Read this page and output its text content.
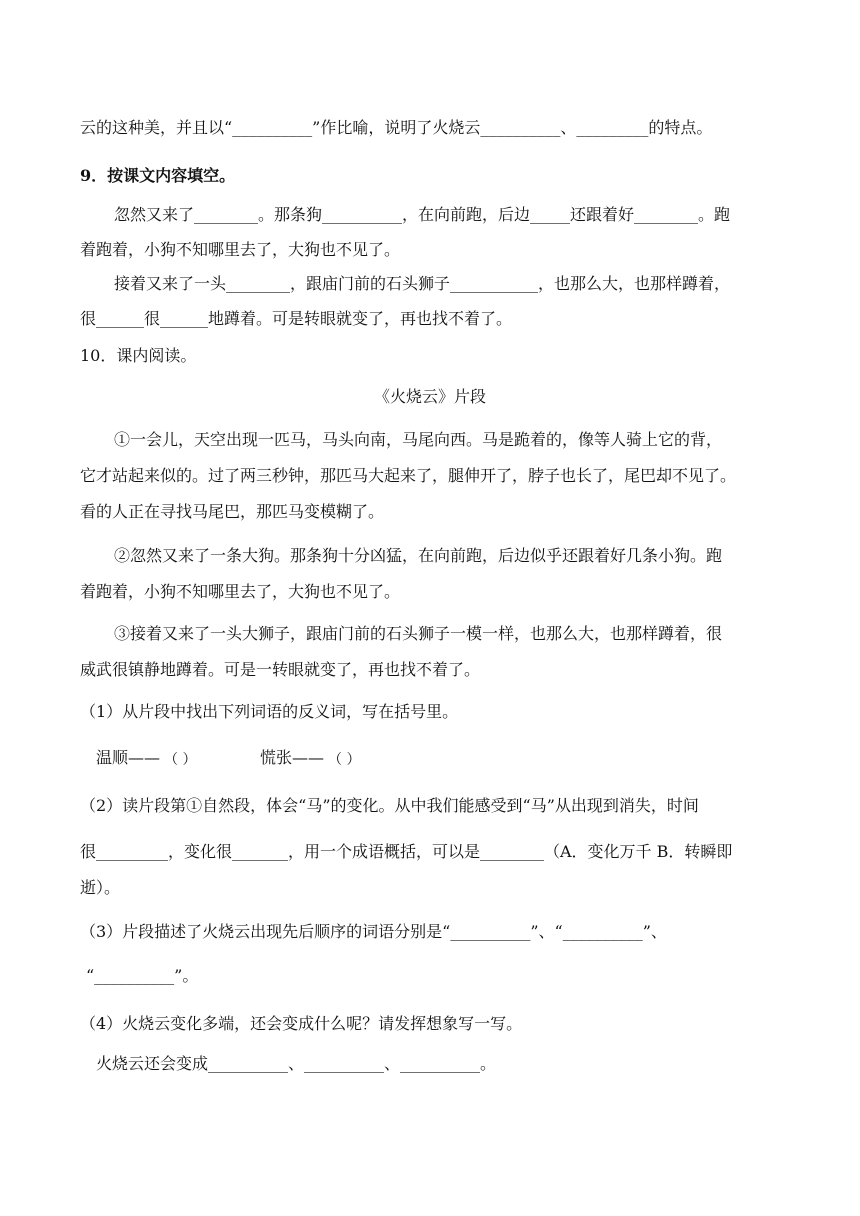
云的这种美，并且以“__________”作比喻，说明了火烧云__________、_________的特点。
9．按课文内容填空。
忽然又来了________。那条狗__________，在向前跑，后边_____还跟着好________。跑
着跑着，小狗不知哪里去了，大狗也不见了。
接着又来了一头________，跟庙门前的石头狮子___________，也那么大，也那样蹲着，
很______很______地蹲着。可是转眼就变了，再也找不着了。
10．课内阅读。
《火烧云》片段
①一会儿，天空出现一匹马，马头向南，马尾向西。马是跪着的，像等人骑上它的背，
它才站起来似的。过了两三秒钟，那匹马大起来了，腿伸开了，脖子也长了，尾巴却不见了。
看的人正在寻找马尾巴，那匹马变模糊了。
②忽然又来了一条大狗。那条狗十分凶猛，在向前跑，后边似乎还跟着好几条小狗。跑
着跑着，小狗不知哪里去了，大狗也不见了。
③接着又来了一头大狮子，跟庙门前的石头狮子一模一样，也那么大，也那样蹲着，很
威武很镇静地蹲着。可是一转眼就变了，再也找不着了。
（1）从片段中找出下列词语的反义词，写在括号里。
温顺—— （ ）	慌张—— （ ）
（2）读片段第①自然段，体会“马”的变化。从中我们能感受到“马”从出现到消失，时间
很_________，变化很_______，用一个成语概括，可以是________（A．变化万千 B．转瞬即
逝）。
（3）片段描述了火烧云出现先后顺序的词语分别是“__________”、“__________”、
“__________”。
（4）火烧云变化多端，还会变成什么呢？请发挥想象写一写。
火烧云还会变成__________、__________、__________。
